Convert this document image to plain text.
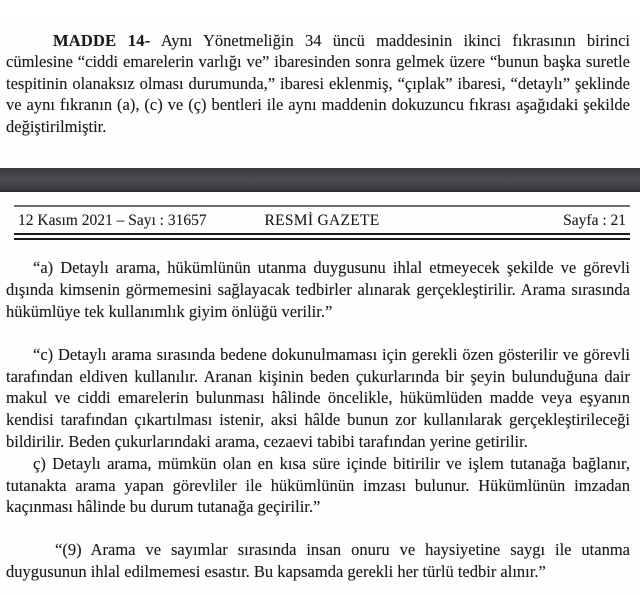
MADDE 14- Aynı Yönetmeliğin 34 üncü maddesinin ikinci fıkrasının birinci cümlesine “ciddi emarelerin varlığı ve” ibaresinden sonra gelmek üzere “bunun başka suretle tespitinin olanaksız olması durumunda,” ibaresi eklenmiş, “çıplak” ibaresi, “detaylı” şeklinde ve aynı fıkranın (a), (c) ve (ç) bentleri ile aynı maddenin dokuzuncu fıkrası aşağıdaki şekilde değiştirilmiştir.

12 Kasım 2021 – Sayı : 31657	RESMİ GAZETE	Sayfa : 21

“a) Detaylı arama, hükümlünün utanma duygusunu ihlal etmeyecek şekilde ve görevli dışında kimsenin görmemesini sağlayacak tedbirler alınarak gerçekleştirilir. Arama sırasında hükümlüye tek kullanımlık giyim önlüğü verilir.”

“c) Detaylı arama sırasında bedene dokunulmaması için gerekli özen gösterilir ve görevli tarafından eldiven kullanılır. Aranan kişinin beden çukurlarında bir şeyin bulunduğuna dair makul ve ciddi emarelerin bulunması hâlinde öncelikle, hükümlüden madde veya eşyanın kendisi tarafından çıkartılması istenir, aksi hâlde bunun zor kullanılarak gerçekleştirileceği bildirilir. Beden çukurlarındaki arama, cezaevi tabibi tarafından yerine getirilir.

ç) Detaylı arama, mümkün olan en kısa süre içinde bitirilir ve işlem tutanağa bağlanır, tutanakta arama yapan görevliler ile hükümlünün imzası bulunur. Hükümlünün imzadan kaçınması hâlinde bu durum tutanağa geçirilir.”

“(9) Arama ve sayımlar sırasında insan onuru ve haysiyetine saygı ile utanma duygusunun ihlal edilmemesi esastır. Bu kapsamda gerekli her türlü tedbir alınır.”
